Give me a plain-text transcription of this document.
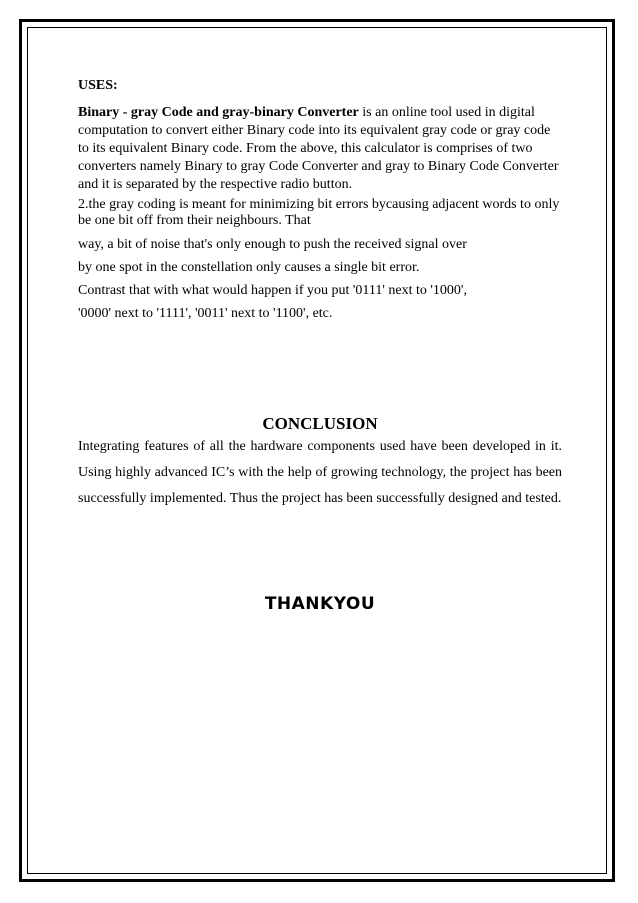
USES:

Binary - gray Code and gray-binary Converter is an online tool used in digital computation to convert either Binary code into its equivalent gray code or gray code to its equivalent Binary code. From the above, this calculator is comprises of two converters namely Binary to gray Code Converter and gray to Binary Code Converter and it is separated by the respective radio button.

2.the gray coding is meant for minimizing bit errors bycausing adjacent words to only be one bit off from their neighbours. That

way, a bit of noise that's only enough to push the received signal over

by one spot in the constellation only causes a single bit error.

Contrast that with what would happen if you put '0111' next to '1000',

'0000' next to '1111', '0011' next to '1100', etc.

CONCLUSION

Integrating features of all the hardware components used have been developed in it. Using highly advanced IC’s with the help of growing technology, the project has been successfully implemented. Thus the project has been successfully designed and tested.

THANKYOU
